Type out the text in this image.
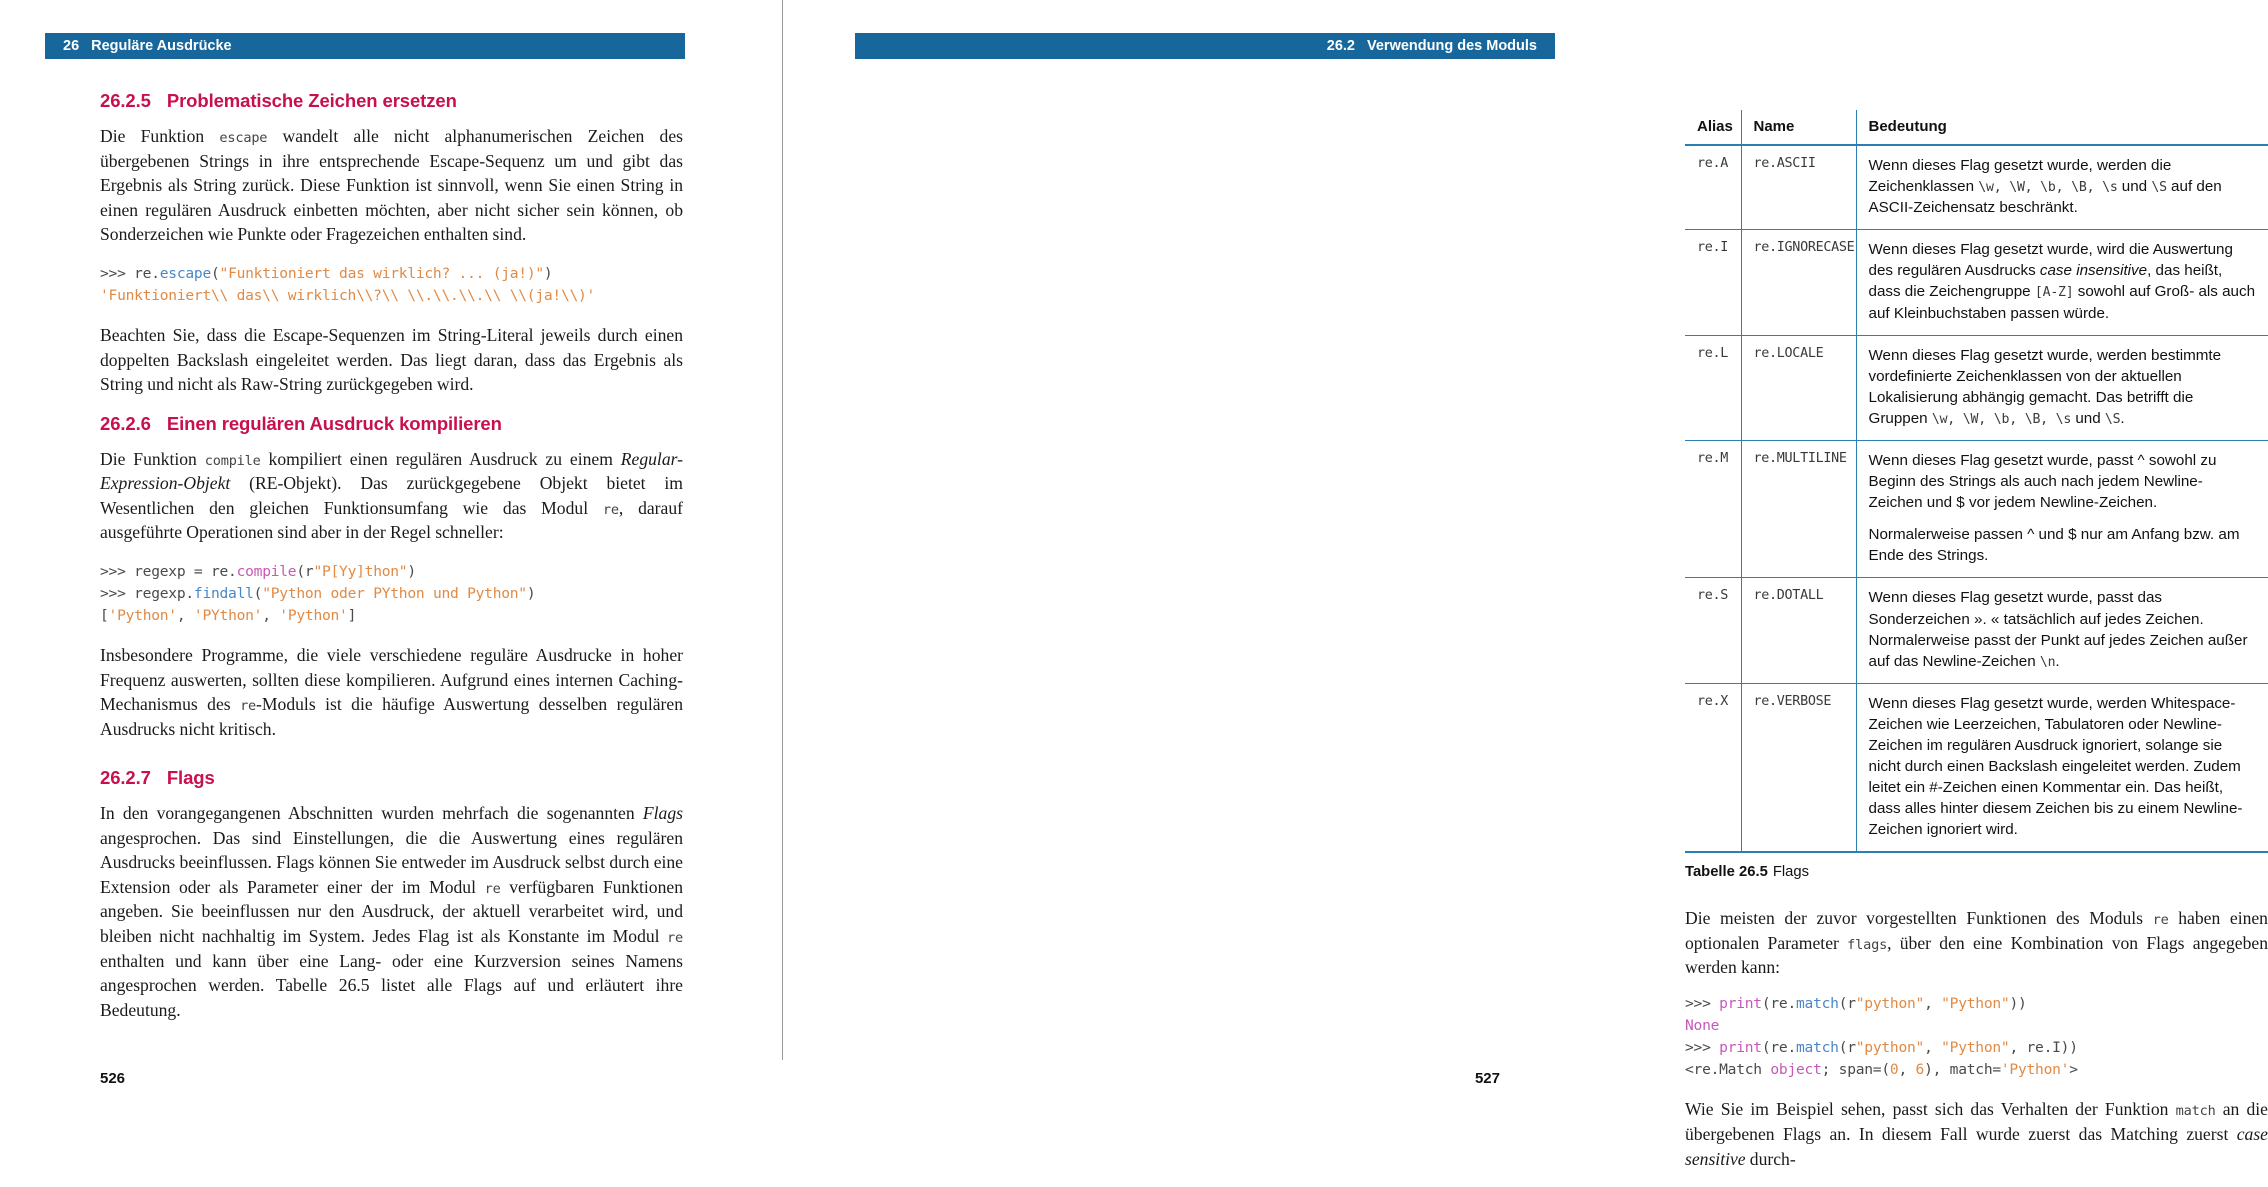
26 Reguläre Ausdrücke
26.2.5 Problematische Zeichen ersetzen

Die Funktion escape wandelt alle nicht alphanumerischen Zeichen des übergebenen Strings in ihre entsprechende Escape-Sequenz um und gibt das Ergebnis als String zurück. Diese Funktion ist sinnvoll, wenn Sie einen String in einen regulären Ausdruck einbetten möchten, aber nicht sicher sein können, ob Sonderzeichen wie Punkte oder Fragezeichen enthalten sind.

>>> re.escape("Funktioniert das wirklich? ... (ja!)")
'Funktioniert\\ das\\ wirklich\\?\\ \\.\\.\\.\\ \\(ja!\\)'

Beachten Sie, dass die Escape-Sequenzen im String-Literal jeweils durch einen doppelten Backslash eingeleitet werden. Das liegt daran, dass das Ergebnis als String und nicht als Raw-String zurückgegeben wird.

26.2.6 Einen regulären Ausdruck kompilieren

Die Funktion compile kompiliert einen regulären Ausdruck zu einem Regular-Expression-Objekt (RE-Objekt). Das zurückgegebene Objekt bietet im Wesentlichen den gleichen Funktionsumfang wie das Modul re, darauf ausgeführte Operationen sind aber in der Regel schneller:

>>> regexp = re.compile(r"P[Yy]thon")
>>> regexp.findall("Python oder PYthon und Python")
['Python', 'PYthon', 'Python']

Insbesondere Programme, die viele verschiedene reguläre Ausdrucke in hoher Frequenz auswerten, sollten diese kompilieren. Aufgrund eines internen Caching-Mechanismus des re-Moduls ist die häufige Auswertung desselben regulären Ausdrucks nicht kritisch.

26.2.7 Flags

In den vorangegangenen Abschnitten wurden mehrfach die sogenannten Flags angesprochen. Das sind Einstellungen, die die Auswertung eines regulären Ausdrucks beeinflussen. Flags können Sie entweder im Ausdruck selbst durch eine Extension oder als Parameter einer der im Modul re verfügbaren Funktionen angeben. Sie beeinflussen nur den Ausdruck, der aktuell verarbeitet wird, und bleiben nicht nachhaltig im System. Jedes Flag ist als Konstante im Modul re enthalten und kann über eine Lang- oder eine Kurzversion seines Namens angesprochen werden. Tabelle 26.5 listet alle Flags auf und erläutert ihre Bedeutung.

526
26.2 Verwendung des Moduls
Alias	Name	Bedeutung
re.A	re.ASCII	Wenn dieses Flag gesetzt wurde, werden die Zeichenklassen \w, \W, \b, \B, \s und \S auf den ASCII-Zeichensatz beschränkt.
re.I	re.IGNORECASE	Wenn dieses Flag gesetzt wurde, wird die Auswertung des regulären Ausdrucks case insensitive, das heißt, dass die Zeichengruppe [A-Z] sowohl auf Groß- als auch auf Kleinbuchstaben passen würde.
re.L	re.LOCALE	Wenn dieses Flag gesetzt wurde, werden bestimmte vordefinierte Zeichenklassen von der aktuellen Lokalisierung abhängig gemacht. Das betrifft die Gruppen \w, \W, \b, \B, \s und \S.
re.M	re.MULTILINE	Wenn dieses Flag gesetzt wurde, passt ^ sowohl zu Beginn des Strings als auch nach jedem Newline-Zeichen und $ vor jedem Newline-Zeichen.

Normalerweise passen ^ und $ nur am Anfang bzw. am Ende des Strings.

re.S	re.DOTALL	Wenn dieses Flag gesetzt wurde, passt das Sonderzeichen ». « tatsächlich auf jedes Zeichen. Normalerweise passt der Punkt auf jedes Zeichen außer auf das Newline-Zeichen \n.
re.X	re.VERBOSE	Wenn dieses Flag gesetzt wurde, werden Whitespace-Zeichen wie Leerzeichen, Tabulatoren oder Newline-Zeichen im regulären Ausdruck ignoriert, solange sie nicht durch einen Backslash eingeleitet werden. Zudem leitet ein #-Zeichen einen Kommentar ein. Das heißt, dass alles hinter diesem Zeichen bis zu einem Newline-Zeichen ignoriert wird.
Tabelle 26.5 Flags

Die meisten der zuvor vorgestellten Funktionen des Moduls re haben einen optionalen Parameter flags, über den eine Kombination von Flags angegeben werden kann:

>>> print(re.match(r"python", "Python"))
None
>>> print(re.match(r"python", "Python", re.I))
<re.Match object; span=(0, 6), match='Python'>

Wie Sie im Beispiel sehen, passt sich das Verhalten der Funktion match an die übergebenen Flags an. In diesem Fall wurde zuerst das Matching zuerst case sensitive durch-

527
